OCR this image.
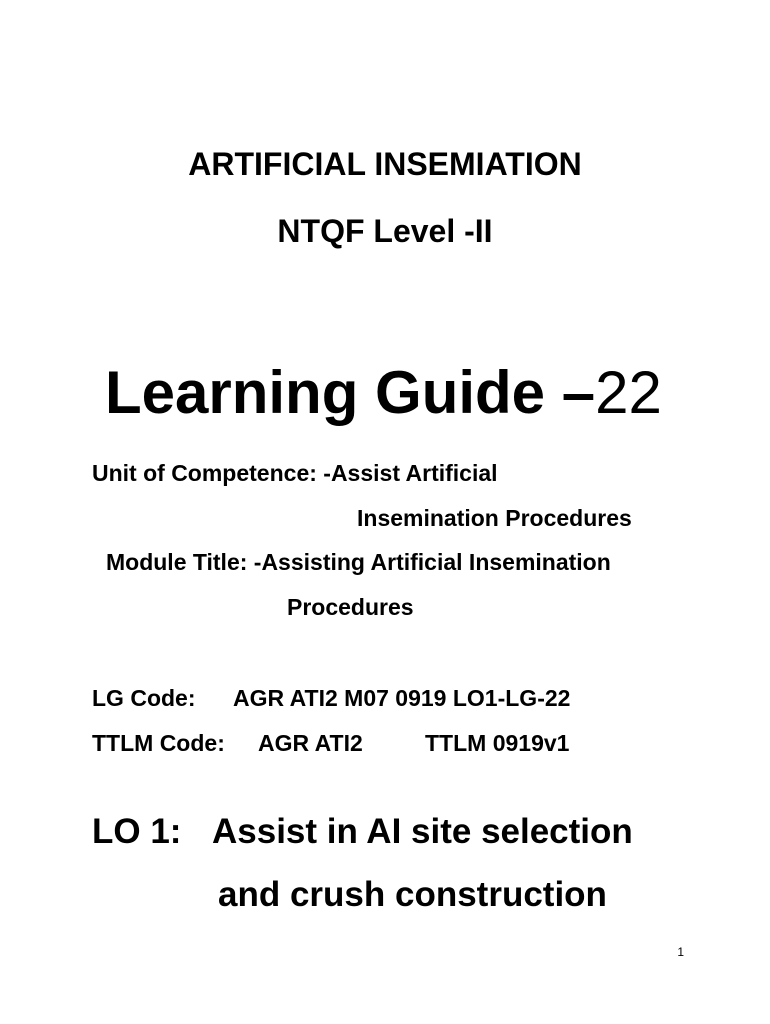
ARTIFICIAL INSEMIATION
NTQF Level -II
Learning Guide –22
Unit of Competence: -Assist Artificial
Insemination Procedures
Module Title: -Assisting Artificial Insemination
Procedures
LG Code: AGR ATI2 M07 0919 LO1-LG-22
TTLM Code: AGR ATI2	TTLM 0919v1
LO 1: Assist in AI site selection
and crush construction
1
